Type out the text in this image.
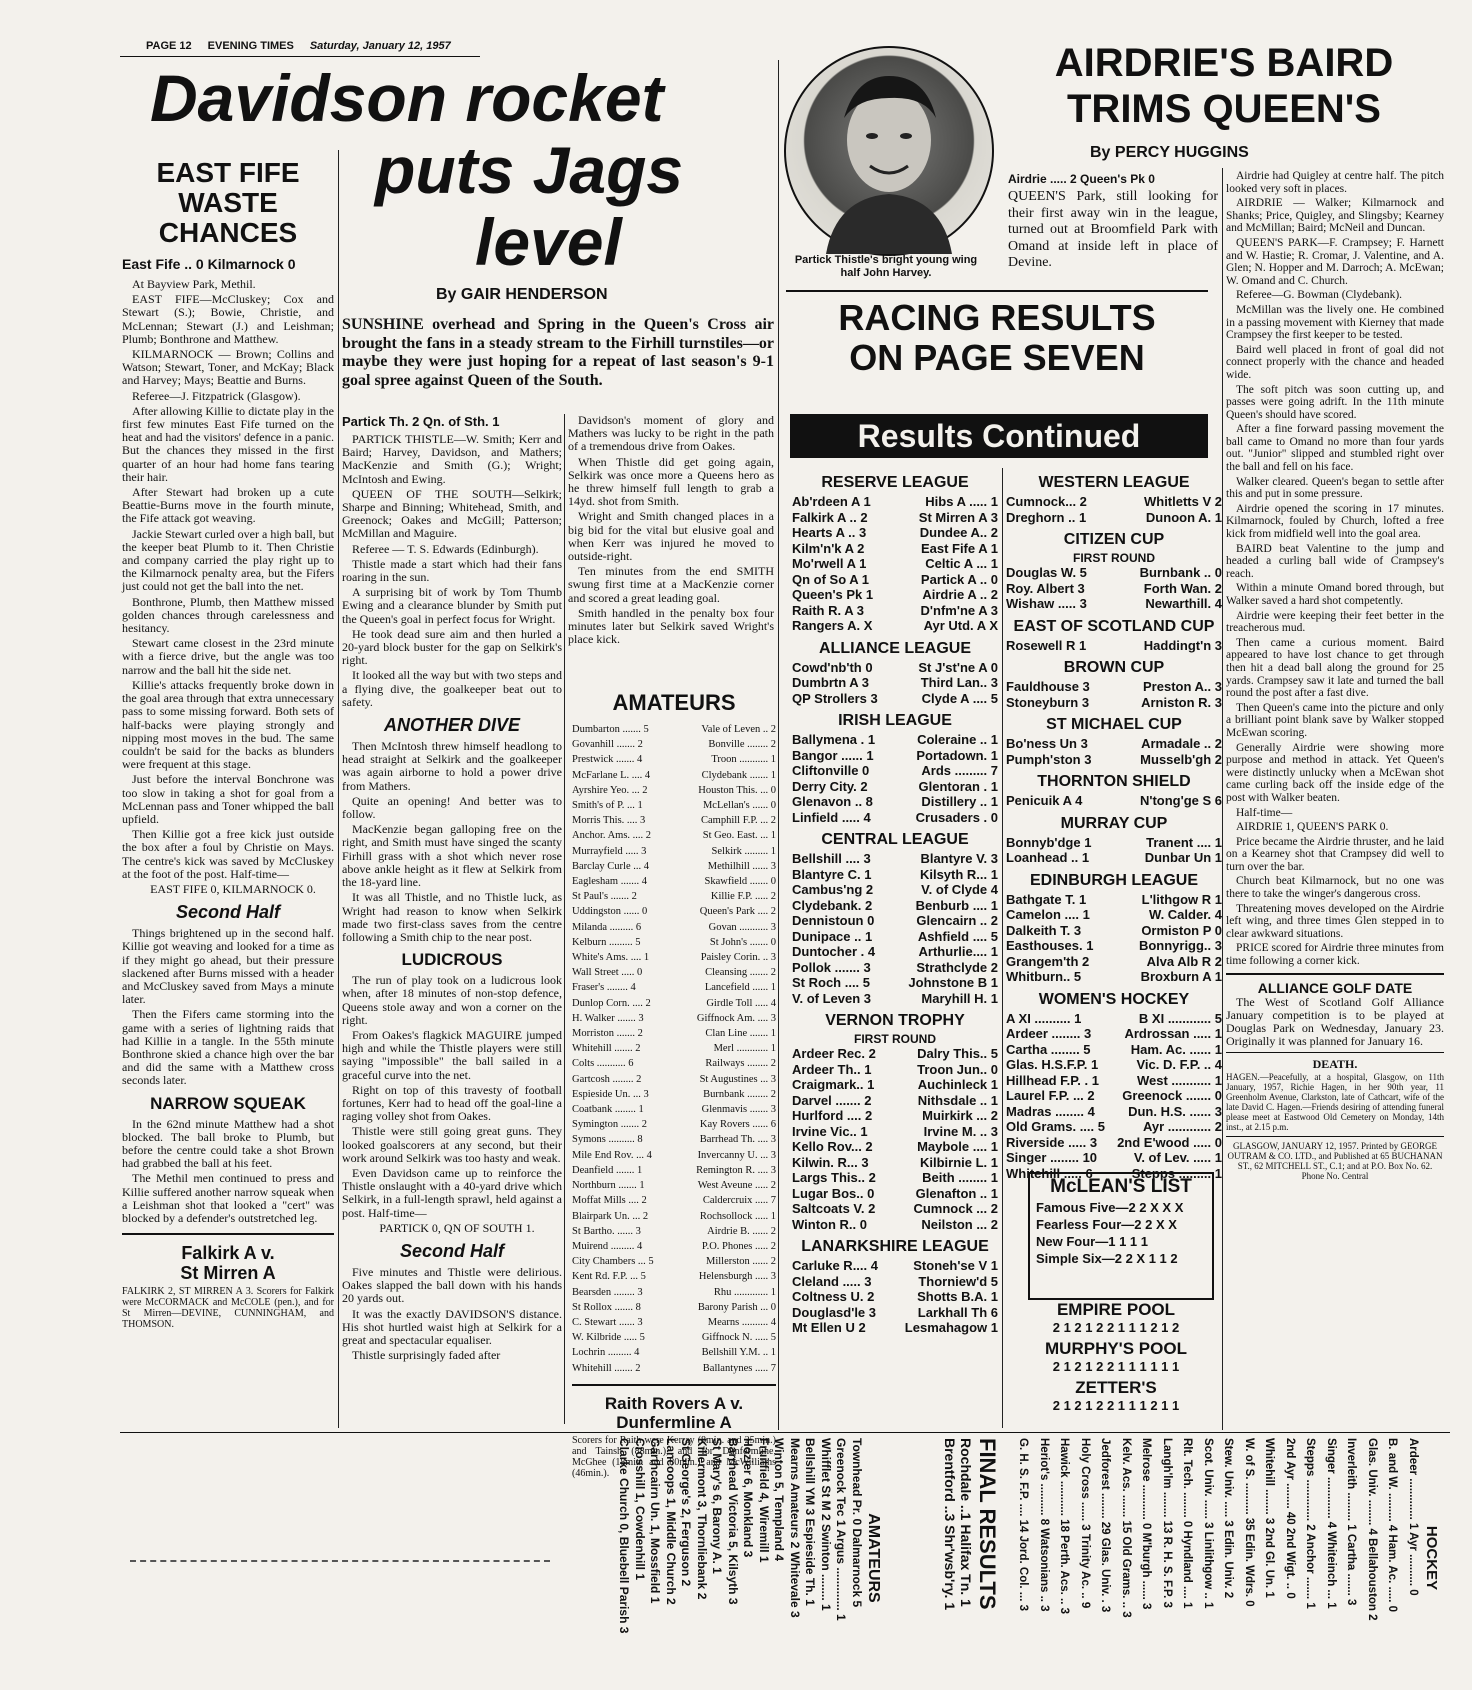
PAGE 12 EVENING TIMES Saturday, January 12, 1957
Davidson rocket
puts Jags
level
By GAIR HENDERSON
EAST FIFE
WASTE
CHANCES
East Fife .. 0 Kilmarnock 0

At Bayview Park, Methil.

EAST FIFE—McCluskey; Cox and Stewart (S.); Bowie, Christie, and McLennan; Stewart (J.) and Leishman; Plumb; Bonthrone and Matthew.

KILMARNOCK — Brown; Collins and Watson; Stewart, Toner, and McKay; Black and Harvey; Mays; Beattie and Burns.

Referee—J. Fitzpatrick (Glasgow).

After allowing Killie to dictate play in the first few minutes East Fife turned on the heat and had the visitors' defence in a panic. But the chances they missed in the first quarter of an hour had home fans tearing their hair.

After Stewart had broken up a cute Beattie-Burns move in the fourth minute, the Fife attack got weaving.

Jackie Stewart curled over a high ball, but the keeper beat Plumb to it. Then Christie and company carried the play right up to the Kilmarnock penalty area, but the Fifers just could not get the ball into the net.

Bonthrone, Plumb, then Matthew missed golden chances through carelessness and hesitancy.

Stewart came closest in the 23rd minute with a fierce drive, but the angle was too narrow and the ball hit the side net.

Killie's attacks frequently broke down in the goal area through that extra unnecessary pass to some missing forward. Both sets of half-backs were playing strongly and nipping most moves in the bud. The same couldn't be said for the backs as blunders were frequent at this stage.

Just before the interval Bonchrone was too slow in taking a shot for goal from a McLennan pass and Toner whipped the ball upfield.

Then Killie got a free kick just outside the box after a foul by Christie on Mays. The centre's kick was saved by McCluskey at the foot of the post. Half-time—

EAST FIFE 0, KILMARNOCK 0.

Second Half

Things brightened up in the second half. Killie got weaving and looked for a time as if they might go ahead, but their pressure slackened after Burns missed with a header and McCluskey saved from Mays a minute later.

Then the Fifers came storming into the game with a series of lightning raids that had Killie in a tangle. In the 55th minute Bonthrone skied a chance high over the bar and did the same with a Matthew cross seconds later.

NARROW SQUEAK

In the 62nd minute Matthew had a shot blocked. The ball broke to Plumb, but before the centre could take a shot Brown had grabbed the ball at his feet.

The Methil men continued to press and Killie suffered another narrow squeak when a Leishman shot that looked a "cert" was blocked by a defender's outstretched leg.

Falkirk A v.
St Mirren A
FALKIRK 2, ST MIRREN A 3. Scorers for Falkirk were McCORMACK and McCOLE (pen.), and for St Mirren—DEVINE, CUNNINGHAM, and THOMSON.
SUNSHINE overhead and Spring in the Queen's Cross air brought the fans in a steady stream to the Firhill turnstiles—or maybe they were just hoping for a repeat of last season's 9-1 goal spree against Queen of the South.
Partick Th. 2 Qn. of Sth. 1

PARTICK THISTLE—W. Smith; Kerr and Baird; Harvey, Davidson, and Mathers; MacKenzie and Smith (G.); Wright; McIntosh and Ewing.

QUEEN OF THE SOUTH—Selkirk; Sharpe and Binning; Whitehead, Smith, and Greenock; Oakes and McGill; Patterson; McMillan and Maguire.

Referee — T. S. Edwards (Edinburgh).

Thistle made a start which had their fans roaring in the sun.

A surprising bit of work by Tom Thumb Ewing and a clearance blunder by Smith put the Queen's goal in perfect focus for Wright.

He took dead sure aim and then hurled a 20-yard block buster for the gap on Selkirk's right.

It looked all the way but with two steps and a flying dive, the goalkeeper beat out to safety.

ANOTHER DIVE

Then McIntosh threw himself headlong to head straight at Selkirk and the goalkeeper was again airborne to hold a power drive from Mathers.

Quite an opening! And better was to follow.

MacKenzie began galloping free on the right, and Smith must have singed the scanty Firhill grass with a shot which never rose above ankle height as it flew at Selkirk from the 18-yard line.

It was all Thistle, and no Thistle luck, as Wright had reason to know when Selkirk made two first-class saves from the centre following a Smith chip to the near post.

LUDICROUS

The run of play took on a ludicrous look when, after 18 minutes of non-stop defence, Queens stole away and won a corner on the right.

From Oakes's flagkick MAGUIRE jumped high and while the Thistle players were still saying "impossible" the ball sailed in a graceful curve into the net.

Right on top of this travesty of football fortunes, Kerr had to head off the goal-line a raging volley shot from Oakes.

Thistle were still going great guns. They looked goalscorers at any second, but their work around Selkirk was too hasty and weak.

Even Davidson came up to reinforce the Thistle onslaught with a 40-yard drive which Selkirk, in a full-length sprawl, held against a post. Half-time—

PARTICK 0, QN OF SOUTH 1.

Second Half

Five minutes and Thistle were delirious. Oakes slapped the ball down with his hands 20 yards out.

It was the exactly DAVIDSON'S distance. His shot hurtled waist high at Selkirk for a great and spectacular equaliser.

Thistle surprisingly faded after

Davidson's moment of glory and Mathers was lucky to be right in the path of a tremendous drive from Oakes.

When Thistle did get going again, Selkirk was once more a Queens hero as he threw himself full length to grab a 14yd. shot from Smith.

Wright and Smith changed places in a big bid for the vital but elusive goal and when Kerr was injured he moved to outside-right.

Ten minutes from the end SMITH swung first time at a MacKenzie corner and scored a great leading goal.

Smith handled in the penalty box four minutes later but Selkirk saved Wright's place kick.

AMATEURS
Dumbarton ....... 5	Vale of Leven .. 2
Govanhill ....... 2	Bonville ........ 2
Prestwick ....... 4	Troon ........... 1
McFarlane L. .... 4	Clydebank ....... 1
Ayrshire Yeo. ... 2	Houston This. ... 0
Smith's of P. ... 1	McLellan's ...... 0
Morris This. .... 3	Camphill F.P. ... 2
Anchor. Ams. .... 2	St Geo. East. ... 1
Murrayfield ..... 3	Selkirk ......... 1
Barclay Curle ... 4	Methilhill ...... 3
Eaglesham ....... 4	Skawfield ....... 0
St Paul's ....... 2	Killie F.P. ..... 2
Uddingston ...... 0	Queen's Park .... 2
Milanda ......... 6	Govan ........... 3
Kelburn ......... 5	St John's ....... 0
White's Ams. .... 1	Paisley Corin. .. 3
Wall Street ..... 0	Cleansing ....... 2
Fraser's ........ 4	Lancefield ...... 1
Dunlop Corn. .... 2	Girdle Toll ..... 4
H. Walker ....... 3	Giffnock Am. .... 3
Morriston ....... 2	Clan Line ....... 1
Whitehill ....... 2	Merl ............ 1
Colts ........... 6	Railways ........ 2
Gartcosh ........ 2	St Augustines ... 3
Espieside Un. ... 3	Burnbank ........ 2
Coatbank ........ 1	Glenmavis ....... 3
Symington ....... 2	Kay Rovers ...... 6
Symons .......... 8	Barrhead Th. .... 3
Mile End Rov. ... 4	Invercanny U. ... 3
Deanfield ....... 1	Remington R. .... 3
Northburn ....... 1	West Aveune ..... 2
Moffat Mills .... 2	Caldercruix ..... 7
Blairpark Un. ... 2	Rochsollock ..... 1
St Bartho. ...... 3	Airdrie B. ...... 2
Muirend ......... 4	P.O. Phones ..... 2
City Chambers ... 5	Millerston ...... 2
Kent Rd. F.P. ... 5	Helensburgh ..... 3
Bearsden ........ 3	Rhu ............. 1
St Rollox ....... 8	Barony Parish ... 0
C. Stewart ...... 3	Mearns .......... 4
W. Kilbride ..... 5	Giffnock N. ..... 5
Lochrin ......... 4	Bellshill Y.M. .. 1
Whitehill ....... 2	Ballantynes ..... 7
Raith Rovers A v.
Dunfermline A
Scorers for Raith were Kerray (8min. and 25min.) and Tainsh (88min.), and for Dunfermline, McGhee (18min. and 80min.) and McWilliams (46min.).
Partick Thistle's bright young wing half John Harvey.
RACING RESULTS
ON PAGE SEVEN
Results Continued
RESERVE LEAGUE
Ab'rdeen A 1	Hibs A ..... 1
Falkirk A .. 2	St Mirren A 3
Hearts A .. 3	Dundee A.. 2
Kilm'n'k A 2	East Fife A 1
Mo'rwell A 1	Celtic A ... 1
Qn of So A 1	Partick A .. 0
Queen's Pk 1	Airdrie A .. 2
Raith R. A 3	D'nfm'ne A 3
Rangers A. X	Ayr Utd. A X
ALLIANCE LEAGUE
Cowd'nb'th 0	St J'st'ne A 0
Dumbrtn A 3	Third Lan.. 3
QP Strollers 3	Clyde A .... 5
IRISH LEAGUE
Ballymena . 1	Coleraine .. 1
Bangor ...... 1	Portadown. 1
Cliftonville 0	Ards ......... 7
Derry City. 2	Glentoran . 1
Glenavon .. 8	Distillery .. 1
Linfield ..... 4	Crusaders . 0
CENTRAL LEAGUE
Bellshill .... 3	Blantyre V. 3
Blantyre C. 1	Kilsyth R... 1
Cambus'ng 2	V. of Clyde 4
Clydebank. 2	Benburb .... 1
Dennistoun 0	Glencairn .. 2
Dunipace .. 1	Ashfield .... 5
Duntocher . 4	Arthurlie.... 1
Pollok ....... 3	Strathclyde 2
St Roch .... 5	Johnstone B 1
V. of Leven 3	Maryhill H. 1
VERNON TROPHY
FIRST ROUND
Ardeer Rec. 2	Dalry This.. 5
Ardeer Th.. 1	Troon Jun.. 0
Craigmark.. 1	Auchinleck 1
Darvel ....... 2	Nithsdale .. 1
Hurlford .... 2	Muirkirk ... 2
Irvine Vic.. 1	Irvine M. .. 3
Kello Rov... 2	Maybole .... 1
Kilwin. R... 3	Kilbirnie L. 1
Largs This.. 2	Beith ........ 1
Lugar Bos.. 0	Glenafton .. 1
Saltcoats V. 2	Cumnock ... 2
Winton R.. 0	Neilston ... 2
LANARKSHIRE LEAGUE
Carluke R.... 4	Stoneh'se V 1
Cleland ..... 3	Thorniew'd 5
Coltness U. 2	Shotts B.A. 1
Douglasd'le 3	Larkhall Th 6
Mt Ellen U 2	Lesmahagow 1
WESTERN LEAGUE
Cumnock... 2	Whitletts V 2
Dreghorn .. 1	Dunoon A. 1
CITIZEN CUP
FIRST ROUND
Douglas W. 5	Burnbank .. 0
Roy. Albert 3	Forth Wan. 2
Wishaw ..... 3	Newarthill. 4
EAST OF SCOTLAND CUP
Rosewell R 1	Haddingt'n 3
BROWN CUP
Fauldhouse 3	Preston A.. 3
Stoneyburn 3	Arniston R. 3
ST MICHAEL CUP
Bo'ness Un 3	Armadale .. 2
Pumph'ston 3	Musselb'gh 2
THORNTON SHIELD
Penicuik A 4	N'tong'ge S 6
MURRAY CUP
Bonnyb'dge 1	Tranent .... 1
Loanhead .. 1	Dunbar Un 1
EDINBURGH LEAGUE
Bathgate T. 1	L'lithgow R 1
Camelon .... 1	W. Calder. 4
Dalkeith T. 3	Ormiston P 0
Easthouses. 1	Bonnyrigg.. 3
Grangem'th 2	Alva Alb R 2
Whitburn.. 5	Broxburn A 1
WOMEN'S HOCKEY
A XI .......... 1	B XI ............ 5
Ardeer ........ 3	Ardrossan ..... 1
Carthа ........ 5	Ham. Ac. ...... 1
Glas. H.S.F.P. 1	Vic. D. F.P. .. 4
Hillhead F.P. . 1	West ........... 1
Laurel F.P. ... 2 Greenock ....... 0
Madras ........ 4	Dun. H.S. ...... 3
Old Grams. .... 5	Ayr ............ 2
Riverside ..... 3 2nd E'wood ..... 0
Singer ........ 10	V. of Lev. ..... 1
Whitehill ..... 6	Stepps ......... 1
McLEAN'S LIST
Famous Five—2 2 X X X
Fearless Four—2 2 X X
New Four—1 1 1 1
Simple Six—2 2 X 1 1 2
EMPIRE POOL
2 1 2 1 2 2 1 1 1 2 1 2
MURPHY'S POOL
2 1 2 1 2 2 1 1 1 1 1 1
ZETTER'S
2 1 2 1 2 2 1 1 1 2 1 1
AIRDRIE'S BAIRD
TRIMS QUEEN'S
By PERCY HUGGINS
Airdrie ..... 2 Queen's Pk 0
QUEEN'S Park, still looking for their first away win in the league, turned out at Broomfield Park with Omand at inside left in place of Devine.

Airdrie had Quigley at centre half. The pitch looked very soft in places.

AIRDRIE — Walker; Kilmarnock and Shanks; Price, Quigley, and Slingsby; Kearney and McMillan; Baird; McNeil and Duncan.

QUEEN'S PARK—F. Crampsey; F. Harnett and W. Hastie; R. Cromar, J. Valentine, and A. Glen; N. Hopper and M. Darroch; A. McEwan; W. Omand and C. Church.

Referee—G. Bowman (Clydebank).

McMillan was the lively one. He combined in a passing movement with Kierney that made Crampsey the first keeper to be tested.

Baird well placed in front of goal did not connect properly with the chance and headed wide.

The soft pitch was soon cutting up, and passes were going adrift. In the 11th minute Queen's should have scored.

After a fine forward passing movement the ball came to Omand no more than four yards out. "Junior" slipped and stumbled right over the ball and fell on his face.

Walker cleared. Queen's began to settle after this and put in some pressure.

Airdrie opened the scoring in 17 minutes. Kilmarnock, fouled by Church, lofted a free kick from midfield well into the goal area.

BAIRD beat Valentine to the jump and headed a curling ball wide of Crampsey's reach.

Within a minute Omand bored through, but Walker saved a hard shot competently.

Airdrie were keeping their feet better in the treacherous mud.

Then came a curious moment. Baird appeared to have lost chance to get through then hit a dead ball along the ground for 25 yards. Crampsey saw it late and turned the ball round the post after a fast dive.

Then Queen's came into the picture and only a brilliant point blank save by Walker stopped McEwan scoring.

Generally Airdrie were showing more purpose and method in attack. Yet Queen's were distinctly unlucky when a McEwan shot came curling back off the inside edge of the post with Walker beaten.

Half-time—

AIRDRIE 1, QUEEN'S PARK 0.

Price became the Airdrie thruster, and he laid on a Kearney shot that Crampsey did well to turn over the bar.

Church beat Kilmarnock, but no one was there to take the winger's dangerous cross.

Threatening moves developed on the Airdrie left wing, and three times Glen stepped in to clear awkward situations.

PRICE scored for Airdrie three minutes from time following a corner kick.

ALLIANCE GOLF DATE

The West of Scotland Golf Alliance January competition is to be played at Douglas Park on Wednesday, January 23. Originally it was planned for January 16.

DEATH.
HAGEN.—Peacefully, at a hospital, Glasgow, on 11th January, 1957, Richie Hagen, in her 90th year, 11 Greenholm Avenue, Clarkston, late of Cathcart, wife of the late David C. Hagen.—Friends desiring of attending funeral please meet at Eastwood Old Cemetery on Monday, 14th inst., at 2.15 p.m.
GLASGOW, JANUARY 12, 1957. Printed by GEORGE OUTRAM & CO. LTD., and Published at 65 BUCHANAN ST., 62 MITCHELL ST., C.1; and at P.O. Box No. 62. Phone No. Central
FINAL RESULTS
Rochdale ..1 Halifax Tn. 1
Brentford ..3 Shr'wsb'ry. 1
AMATEURS
Townhead Pr. 0 Dalmarnock 5
Greenock Tec 1 Argus ............. 1
Whifflet St M 2 Swinton ........ 1
Bellshill YM 3 Espieside Th. 1
Mearns Amateurs 2 Whitevale 3
Winton 5, Templand 4
Fruitfield 4, Wiremill 1
Hozier 6, Monkland 3
Barrhead Victoria 5, Kilsyth 3
St Mary's 6, Barony A. 1
Killermont 3, Thornliebank 2
St George's 2, Ferguson 2
Lancoops 1, Middle Church 2
Garthcairn Un. 1, Mossfield 1
Crosshill 1, Cowdenhill 1
Clarke Church 0, Bluebell Parish 3	HOCKEY
Ardeer ............. 1 Ayr .......... 0
B. and W. ......... 4 Ham. Ac. ..... 0
Glas. Univ. ........ 4 Bellahouston 2
Inverleith ......... 1 Carthа ....... 3
Singer ............. 4 Whiteinch ... 1
Stepps ............. 2 Anchor ....... 1
2nd Ayr ........ 40 2nd Wigt. .. 0
Whitehill ........ 3 2nd Gl. Un. 1
W. of S. .......... 35 Edin. Wdrs. 0
Stew. Univ. ..... 3 Edin. Univ. 2
Scot. Univ. ...... 3 Linlithgow .. 1
Rlt. Tech. ........ 0 Hyndland .... 1
Langh'lm ........ 13 R. H. S. F.P. 3
Melrose ........... 0 M'burgh ...... 3
Kelv. Acs. ....... 15 Old Grams. .. 3
Jedforest ........ 29 Glas. Univ. . 3
Holy Cross ...... 3 Trinity Ac. .. 9
Hawick ........... 18 Perth. Acs. .. 3
Heriot's .......... 8 Watsonians .. 3
G. H. S. F.P. .... 14 Jord. Col. ... 3
